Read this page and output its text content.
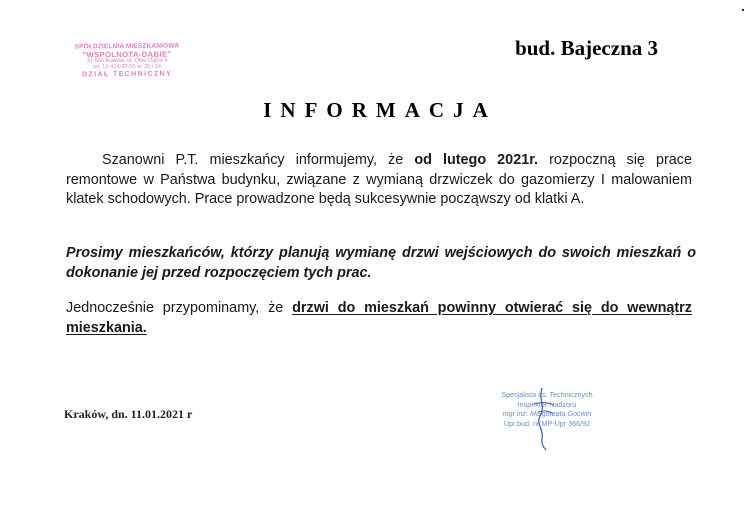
SPÓŁDZIELNIA MIESZKANIOWA
"WSPÓLNOTA-DĄBIE"
31-566 Kraków, ul. Ofiar Dąbia 4
tel. 12-414-37-55 w. 35 i 14
DZIAŁ TECHNICZNY
bud. Bajeczna 3
INFORMACJA
Szanowni P.T. mieszkańcy informujemy, że od lutego 2021r. rozpoczną się prace remontowe w Państwa budynku, związane z wymianą drzwiczek do gazomierzy I malowaniem klatek schodowych. Prace prowadzone będą sukcesywnie począwszy od klatki A.
Prosimy mieszkańców, którzy planują wymianę drzwi wejściowych do swoich mieszkań o dokonanie jej przed rozpoczęciem tych prac.
Jednocześnie przypominamy, że drzwi do mieszkań powinny otwierać się do wewnątrz mieszkania.
Kraków, dn. 11.01.2021 r
Specjalista ds. Technicznych
Inspektor Nadzoru
mgr inż. Małgorzata Goćwin
Upr.bud. nr MP-Upr 366/92
